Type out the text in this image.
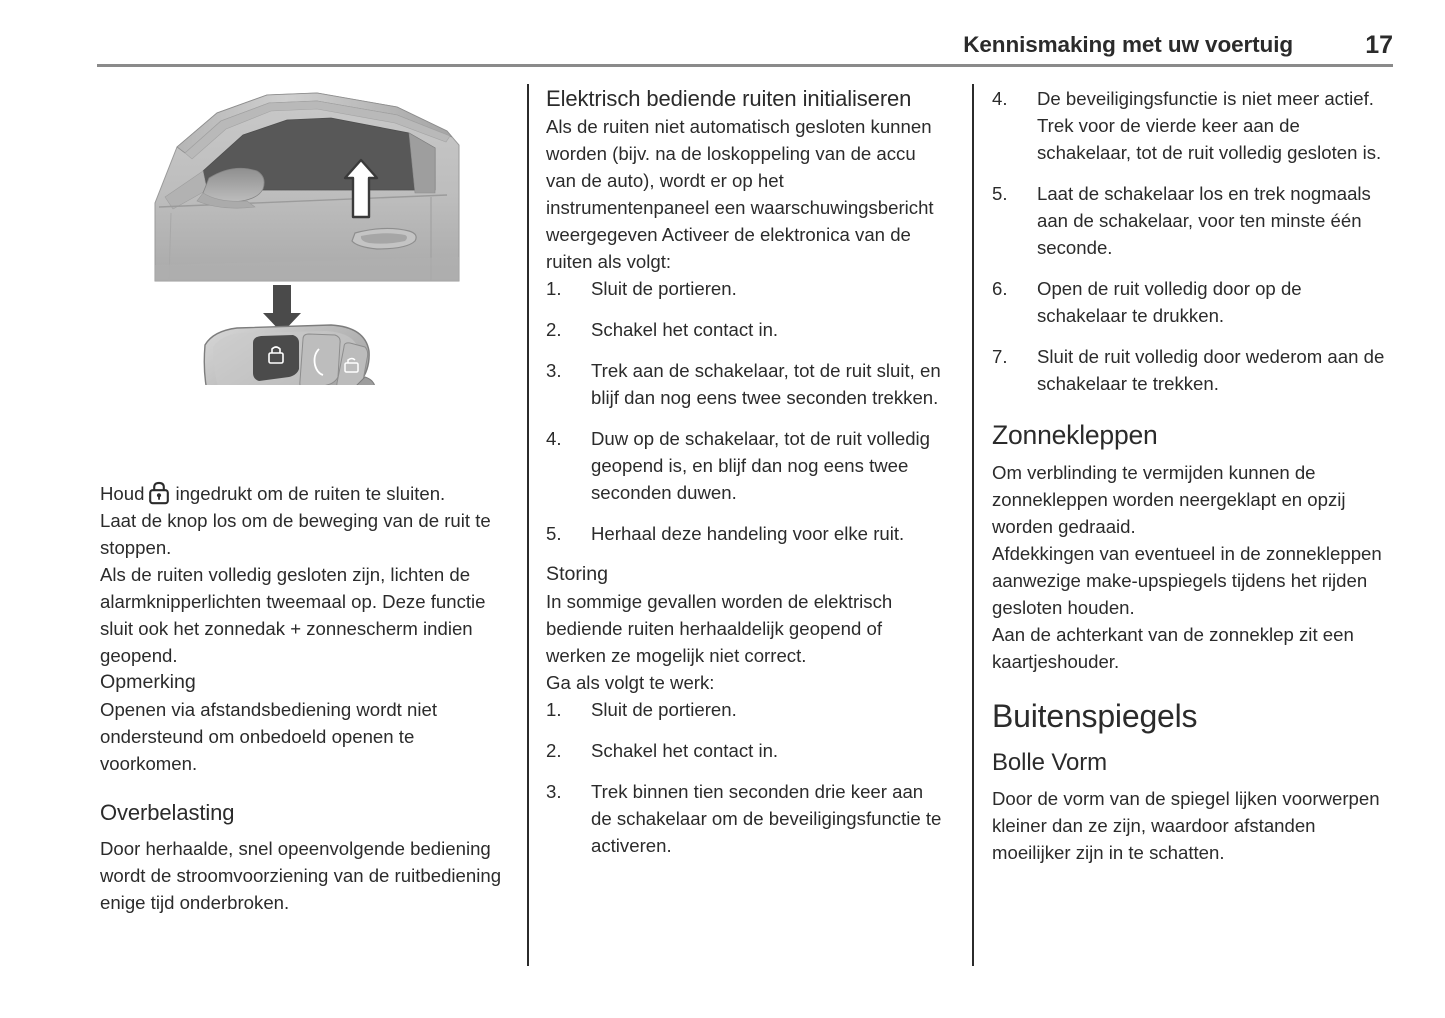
Kennismaking met uw voertuig	17

Houd ingedrukt om de ruiten te sluiten.

Laat de knop los om de beweging van de ruit te stoppen.

Als de ruiten volledig gesloten zijn, lichten de alarmknipperlichten tweemaal op. Deze functie sluit ook het zonnedak + zonnescherm indien geopend.

Opmerking

Openen via afstandsbediening wordt niet ondersteund om onbedoeld openen te voorkomen.

Overbelasting

Door herhaalde, snel opeenvolgende bediening wordt de stroomvoorziening van de ruitbediening enige tijd onderbroken.

Elektrisch bediende ruiten initialiseren

Als de ruiten niet automatisch gesloten kunnen worden (bijv. na de loskoppeling van de accu van de auto), wordt er op het instrumentenpaneel een waarschuwingsbericht weergegeven Activeer de elektronica van de ruiten als volgt:

1.	Sluit de portieren.
2.	Schakel het contact in.
3.	Trek aan de schakelaar, tot de ruit sluit, en blijf dan nog eens twee seconden trekken.
4.	Duw op de schakelaar, tot de ruit volledig geopend is, en blijf dan nog eens twee seconden duwen.
5.	Herhaal deze handeling voor elke ruit.
Storing

In sommige gevallen worden de elektrisch bediende ruiten herhaaldelijk geopend of werken ze mogelijk niet correct.

Ga als volgt te werk:

1.	Sluit de portieren.
2.	Schakel het contact in.
3.	Trek binnen tien seconden drie keer aan de schakelaar om de beveiligingsfunctie te activeren.
4.	De beveiligingsfunctie is niet meer actief. Trek voor de vierde keer aan de schakelaar, tot de ruit volledig gesloten is.
5.	Laat de schakelaar los en trek nogmaals aan de schakelaar, voor ten minste één seconde.
6.	Open de ruit volledig door op de schakelaar te drukken.
7.	Sluit de ruit volledig door wederom aan de schakelaar te trekken.
Zonnekleppen

Om verblinding te vermijden kunnen de zonnekleppen worden neergeklapt en opzij worden gedraaid.

Afdekkingen van eventueel in de zonnekleppen aanwezige make-upspiegels tijdens het rijden gesloten houden.

Aan de achterkant van de zonneklep zit een kaartjeshouder.

Buitenspiegels
Bolle Vorm

Door de vorm van de spiegel lijken voorwerpen kleiner dan ze zijn, waardoor afstanden moeilijker zijn in te schatten.
